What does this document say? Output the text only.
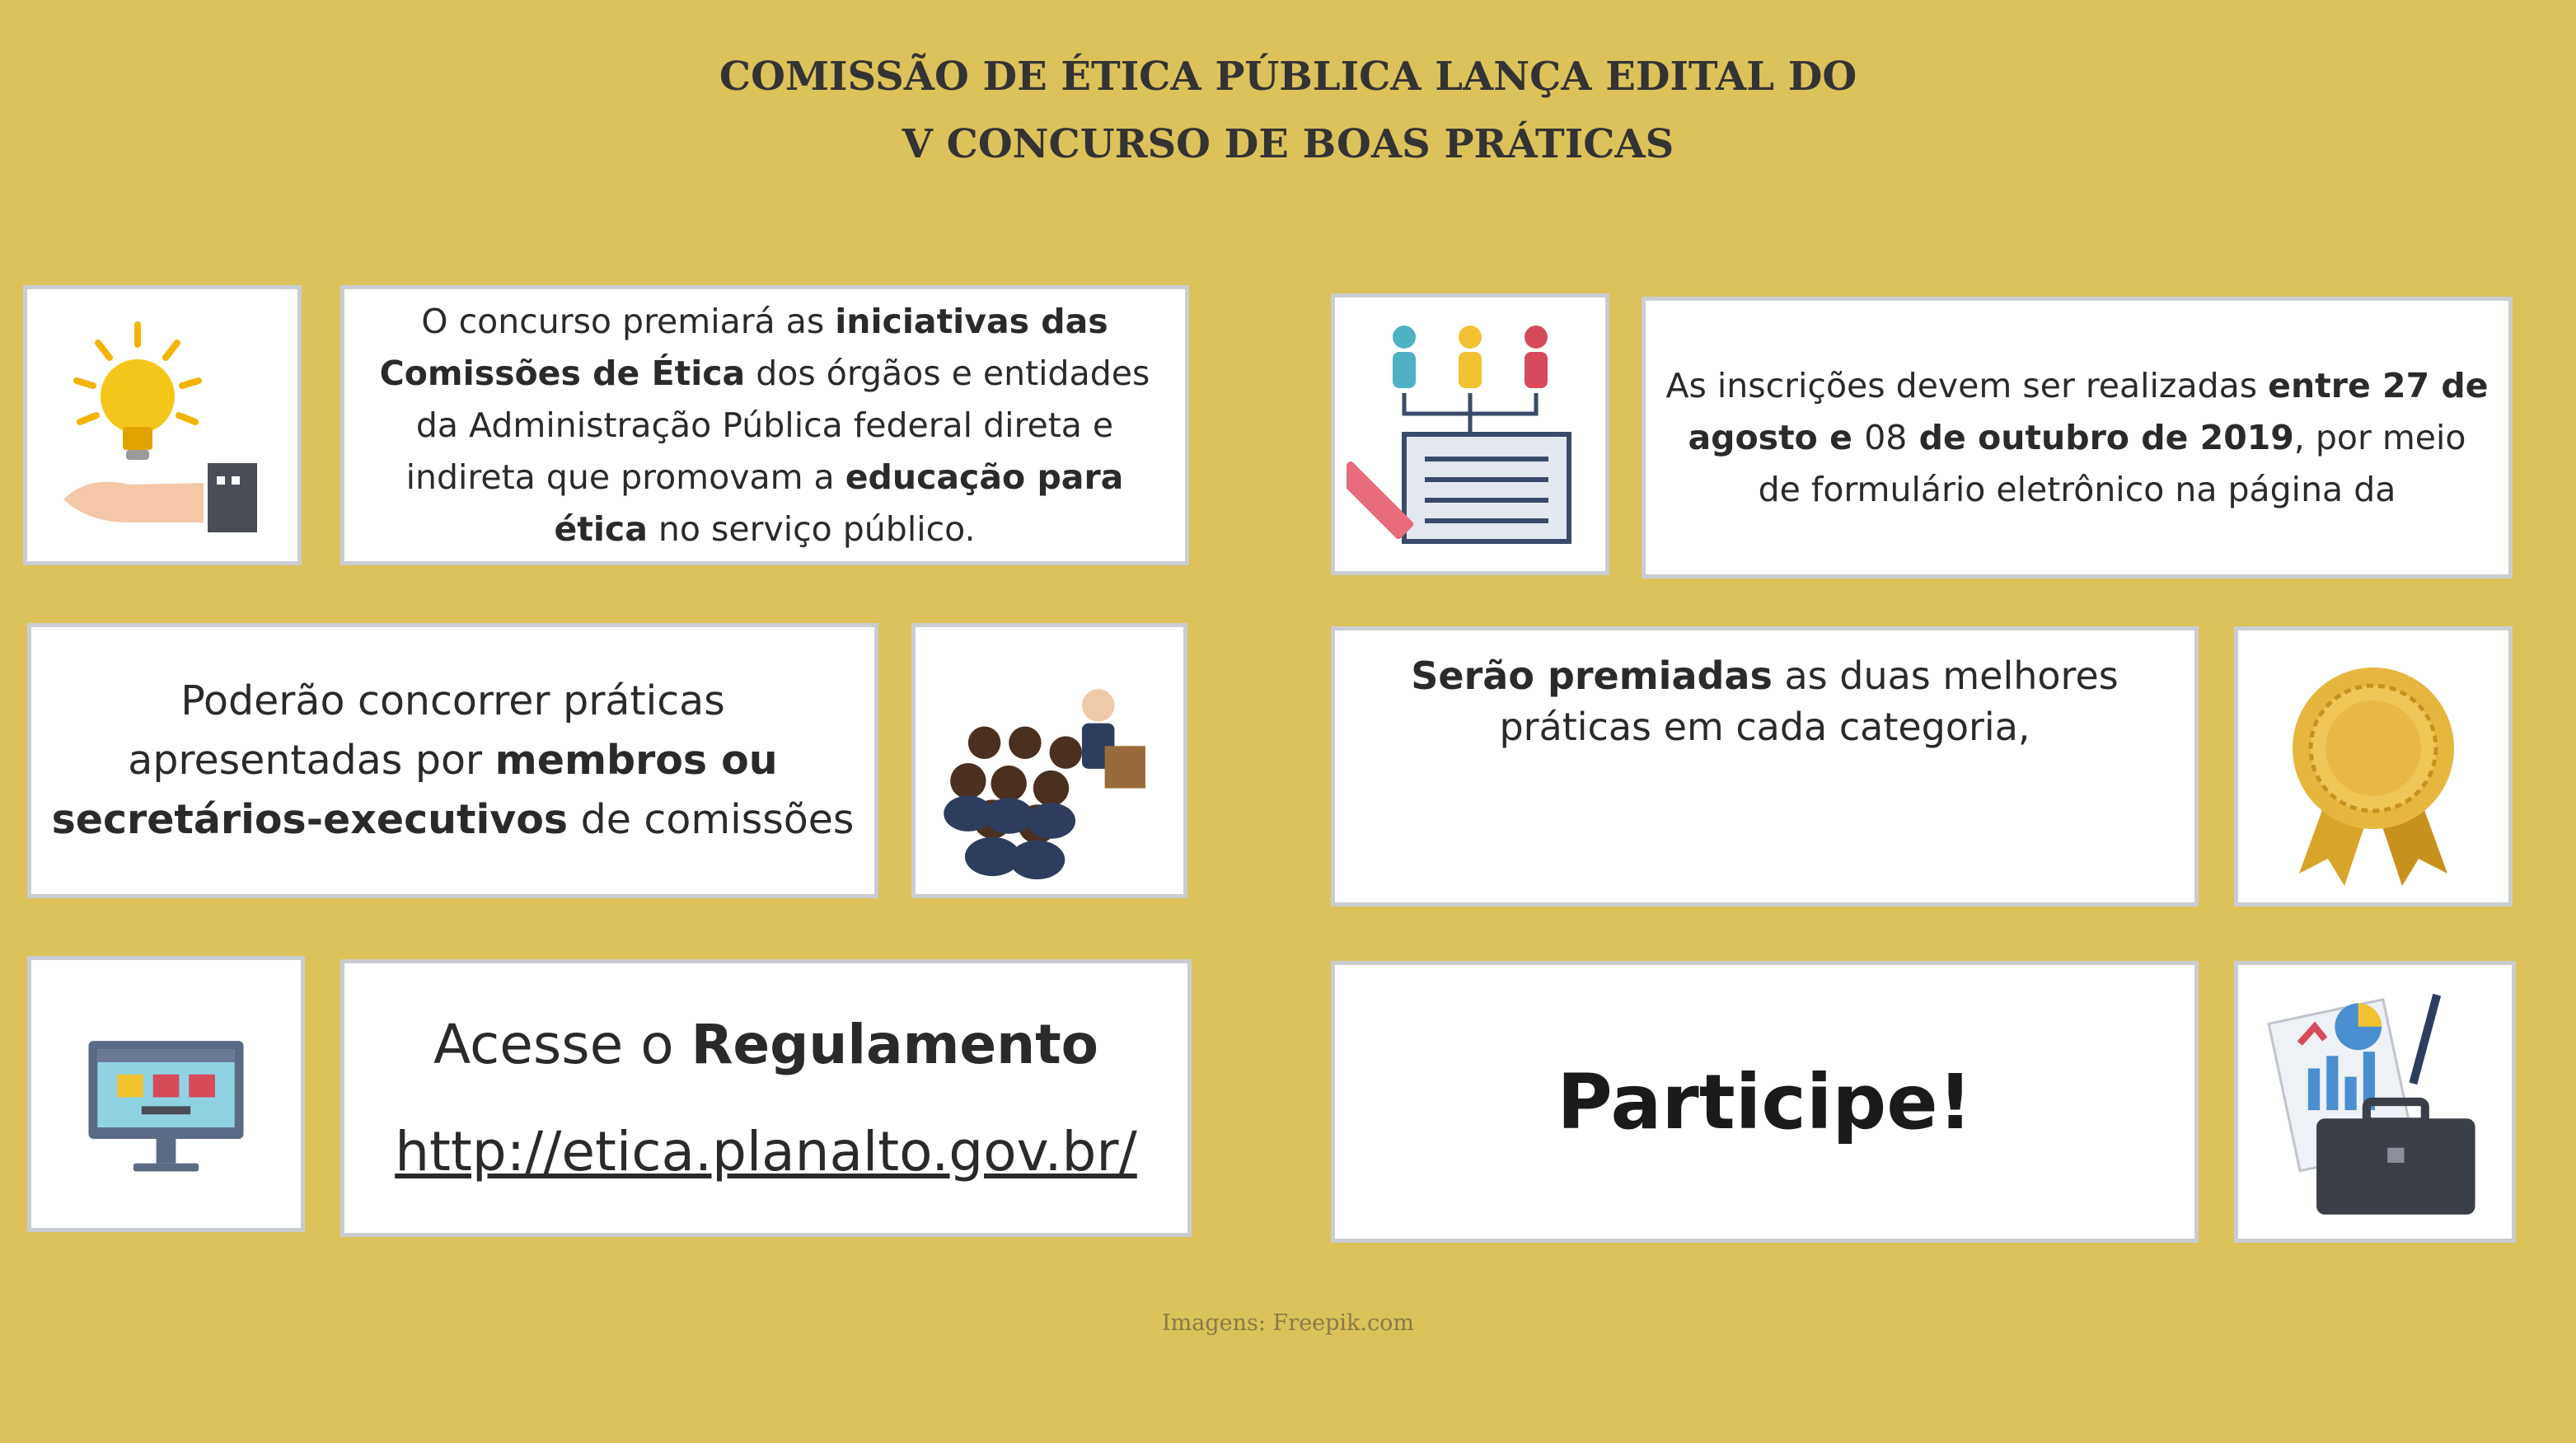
COMISSÃO DE ÉTICA PÚBLICA LANÇA EDITAL DO
V CONCURSO DE BOAS PRÁTICAS
O concurso premiará as iniciativas das Comissões de Ética dos órgãos e entidades da Administração Pública federal direta e indireta que promovam a educação para ética no serviço público.
As inscrições devem ser realizadas entre 27 de agosto e 08 de outubro de 2019, por meio de formulário eletrônico na página da
Poderão concorrer práticas apresentadas por membros ou secretários-executivos de comissões
Serão premiadas as duas melhores práticas em cada categoria,
Acesse o Regulamento
http://etica.planalto.gov.br/
Participe!
Imagens: Freepik.com
